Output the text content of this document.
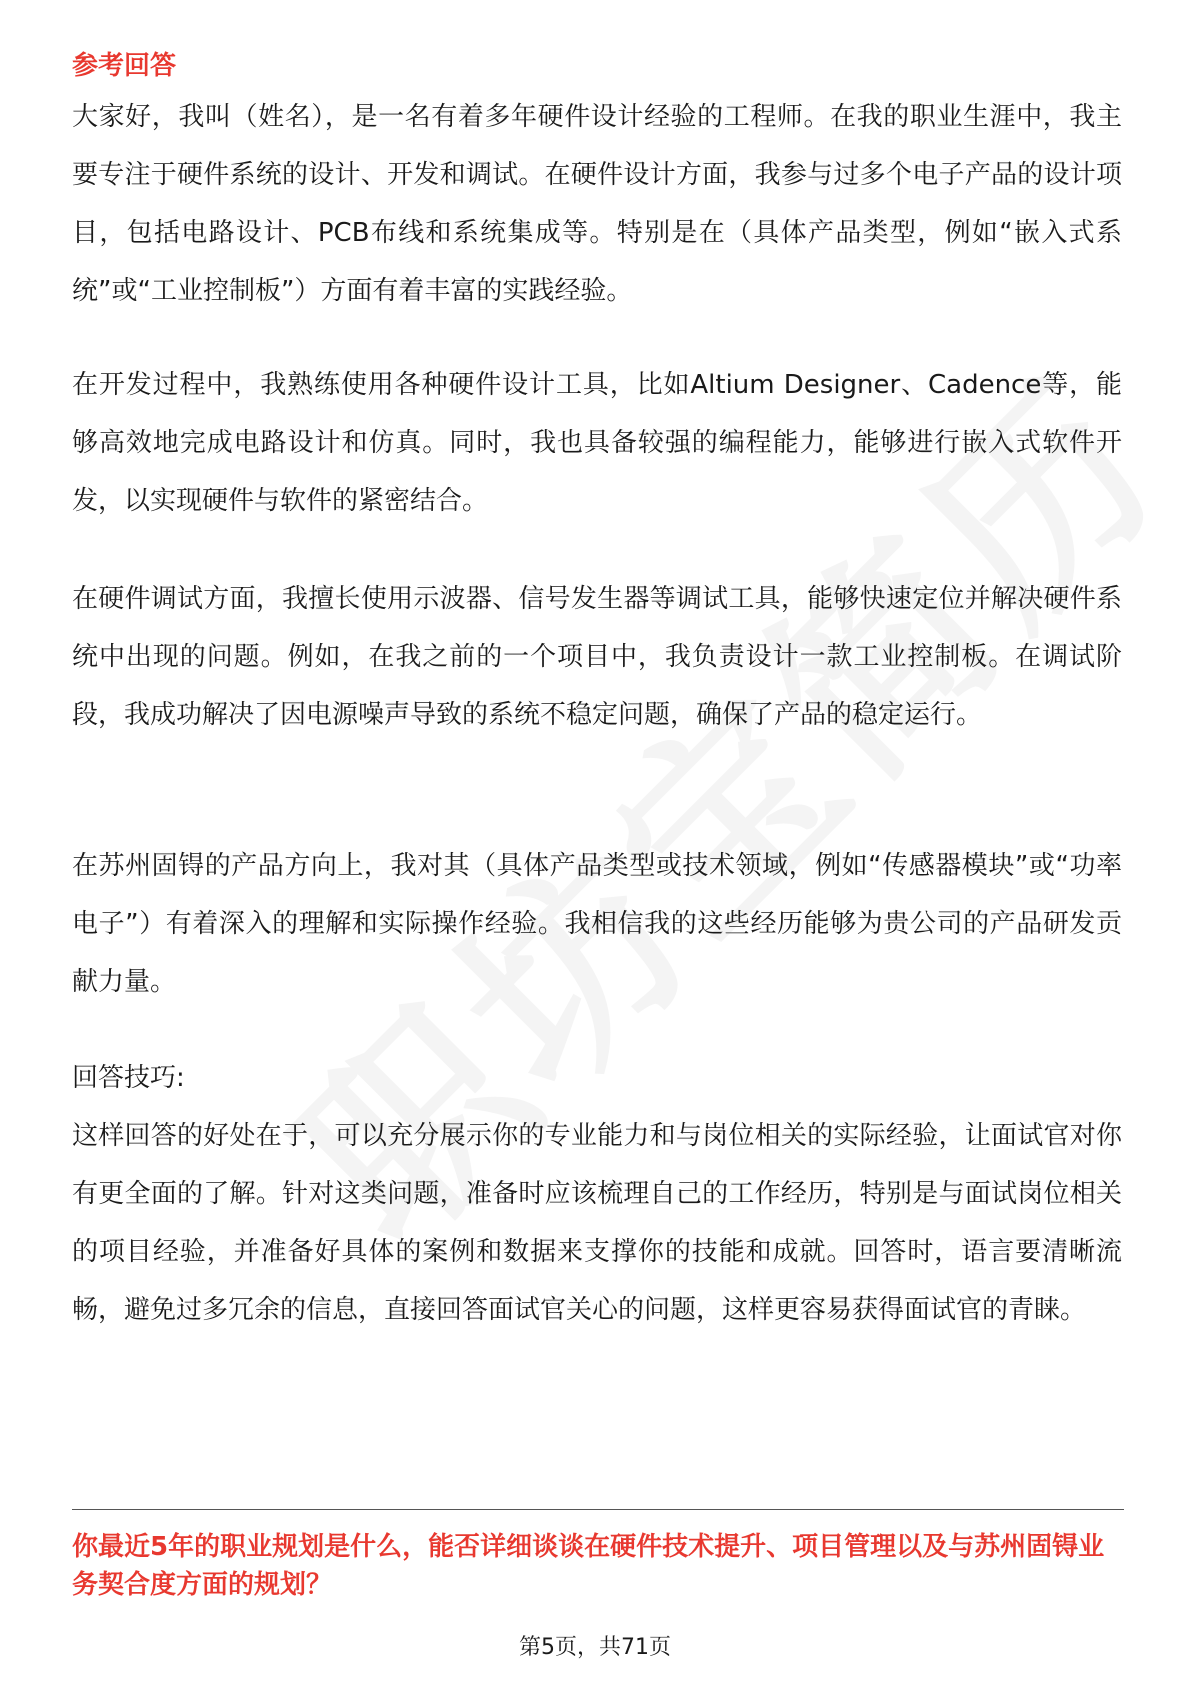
参考回答
大家好，我叫（姓名），是一名有着多年硬件设计经验的工程师。在我的职业生涯中，我主要专注于硬件系统的设计、开发和调试。在硬件设计方面，我参与过多个电子产品的设计项目，包括电路设计、PCB布线和系统集成等。特别是在（具体产品类型，例如“嵌入式系统”或“工业控制板”）方面有着丰富的实践经验。
在开发过程中，我熟练使用各种硬件设计工具，比如Altium Designer、Cadence等，能够高效地完成电路设计和仿真。同时，我也具备较强的编程能力，能够进行嵌入式软件开发，以实现硬件与软件的紧密结合。
在硬件调试方面，我擅长使用示波器、信号发生器等调试工具，能够快速定位并解决硬件系统中出现的问题。例如，在我之前的一个项目中，我负责设计一款工业控制板。在调试阶段，我成功解决了因电源噪声导致的系统不稳定问题，确保了产品的稳定运行。
在苏州固锝的产品方向上，我对其（具体产品类型或技术领域，例如“传感器模块”或“功率电子”）有着深入的理解和实际操作经验。我相信我的这些经历能够为贵公司的产品研发贡献力量。
回答技巧:
这样回答的好处在于，可以充分展示你的专业能力和与岗位相关的实际经验，让面试官对你有更全面的了解。针对这类问题，准备时应该梳理自己的工作经历，特别是与面试岗位相关的项目经验，并准备好具体的案例和数据来支撑你的技能和成就。回答时，语言要清晰流畅，避免过多冗余的信息，直接回答面试官关心的问题，这样更容易获得面试官的青睐。
你最近5年的职业规划是什么，能否详细谈谈在硬件技术提升、项目管理以及与苏州固锝业务契合度方面的规划？
第5页，共71页
